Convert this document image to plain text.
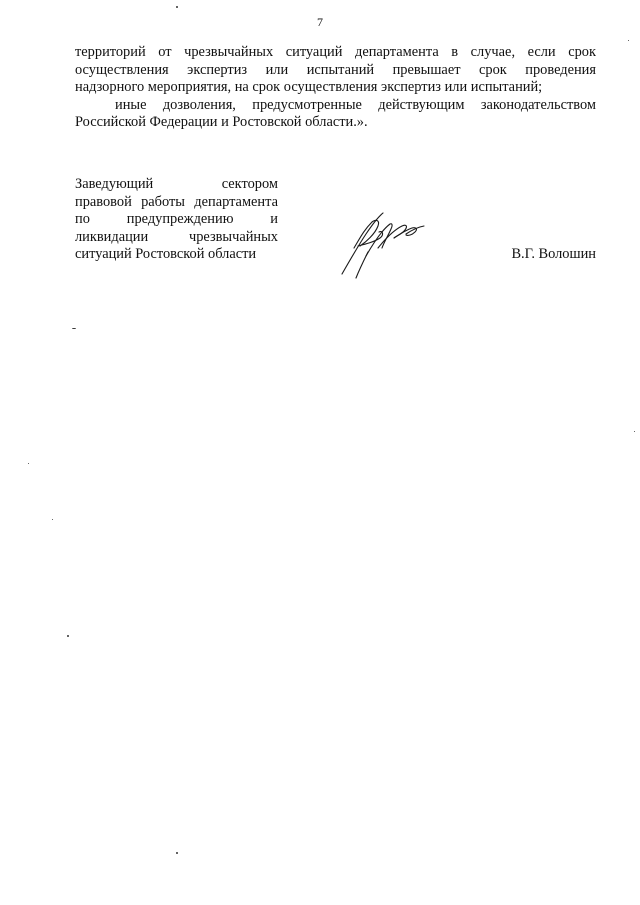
7

территорий от чрезвычайных ситуаций департамента в случае, если срок

осуществления экспертиз или испытаний превышает срок проведения

надзорного мероприятия, на срок осуществления экспертиз или испытаний;

иные дозволения, предусмотренные действующим законодательством

Российской Федерации и Ростовской области.».

Заведующий сектором
правовой работы департамента
по предупреждению и
ликвидации чрезвычайных
ситуаций Ростовской области	В.Г. Волошин
